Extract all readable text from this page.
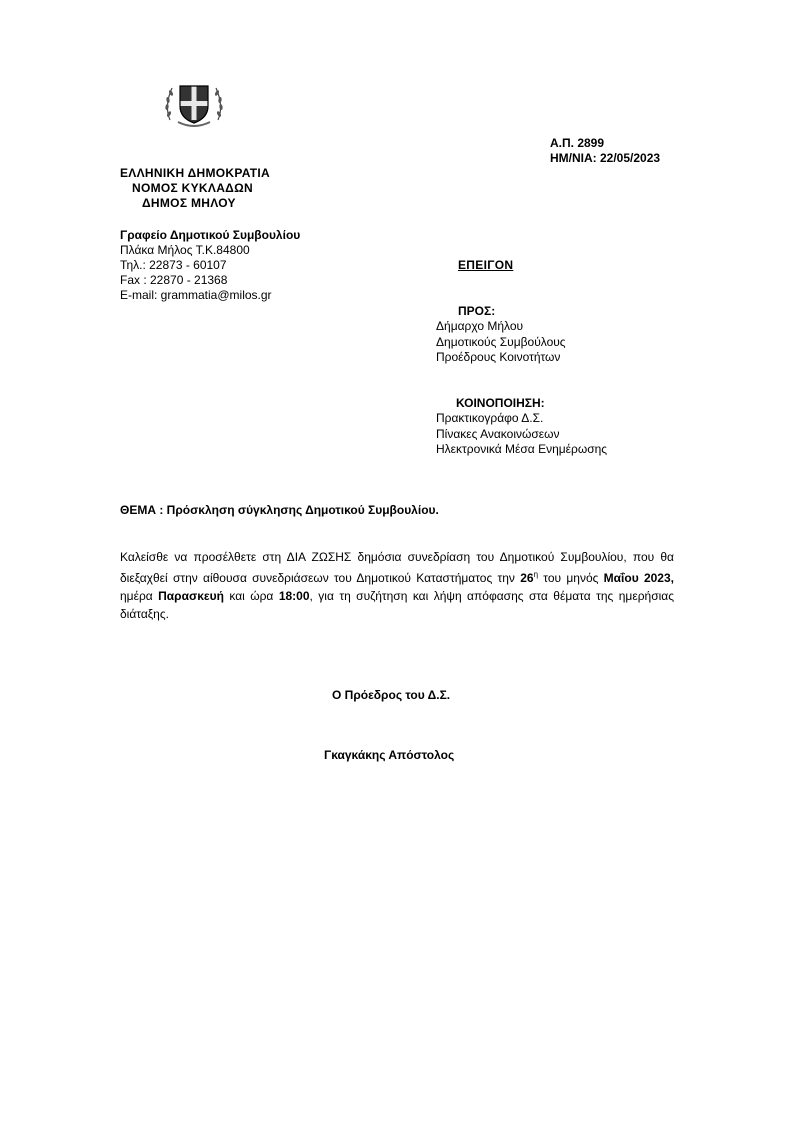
Α.Π. 2899
ΗΜ/ΝΙΑ: 22/05/2023
ΕΛΛΗΝΙΚΗ ΔΗΜΟΚΡΑΤΙΑ
ΝΟΜΟΣ ΚΥΚΛΑΔΩΝ
ΔΗΜΟΣ ΜΗΛΟΥ
Γραφείο Δημοτικού Συμβουλίου
Πλάκα Μήλος Τ.Κ.84800
Τηλ.: 22873 - 60107
Fax : 22870 - 21368
E-mail: grammatia@milos.gr
ΕΠΕΙΓΟΝ
ΠΡΟΣ:
Δήμαρχο Μήλου
Δημοτικούς Συμβούλους
Προέδρους Κοινοτήτων
ΚΟΙΝΟΠΟΙΗΣΗ:
Πρακτικογράφο Δ.Σ.
Πίνακες Ανακοινώσεων
Ηλεκτρονικά Μέσα Ενημέρωσης
ΘΕΜΑ : Πρόσκληση σύγκλησης Δημοτικού Συμβουλίου.
Καλείσθε να προσέλθετε στη ΔΙΑ ΖΩΣΗΣ δημόσια συνεδρίαση του Δημοτικού Συμβουλίου, που θα διεξαχθεί στην αίθουσα συνεδριάσεων του Δημοτικού Καταστήματος την $26^\eta$ του μηνός Μαΐου 2023, ημέρα Παρασκευή και ώρα 18:00, για τη συζήτηση και λήψη απόφασης στα θέματα της ημερήσιας διάταξης.
Ο Πρόεδρος του Δ.Σ.
Γκαγκάκης Απόστολος
